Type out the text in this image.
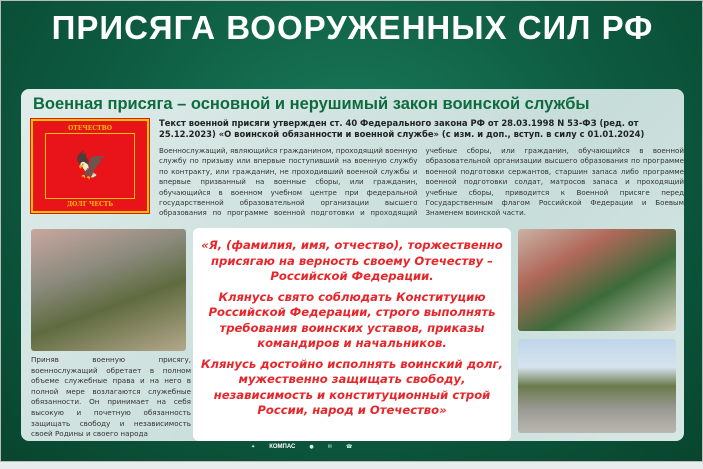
ПРИСЯГА ВООРУЖЕННЫХ СИЛ РФ
Военная присяга – основной и нерушимый закон воинской службы
ОТЕЧЕСТВО
🦅
ДОЛГ ЧЕСТЬ
Текст военной присяги утвержден ст. 40 Федерального закона РФ от 28.03.1998 N 53-ФЗ (ред. от 25.12.2023) «О воинской обязанности и военной службе» (с изм. и доп., вступ. в силу с 01.01.2024)
Военнослужащий, являющийся гражданином, проходящий военную службу по призыву или впервые поступивший на военную службу по контракту, или гражданин, не проходивший военной службы и впервые призванный на военные сборы, или гражданин, обучающийся в военном учебном центре при федеральной государственной образовательной организации высшего образования по программе военной подготовки и проходящий учебные сборы, или гражданин, обучающийся в военной образовательной организации высшего образования по программе военной подготовки сержантов, старшин запаса либо программе военной подготовки солдат, матросов запаса и проходящий учебные сборы, приводится к Военной присяге перед Государственным флагом Российской Федерации и Боевым Знаменем воинской части.
Приняв военную присягу, военнослужащий обретает в полном объеме служебные права и на него в полной мере возлагаются служебные обязанности. Он принимает на себя высокую и почетную обязанность защищать свободу и независимость своей Родины и своего народа

«Я, (фамилия, имя, отчество), торжественно присягаю на верность своему Отечеству – Российской Федерации.

Клянусь свято соблюдать Конституцию Российской Федерации, строго выполнять требования воинских уставов, приказы командиров и начальников.

Клянусь достойно исполнять воинский долг, мужественно защищать свободу, независимость и конституционный строй России, народ и Отечество»

✦ КОМПАС	●	✉	☎
